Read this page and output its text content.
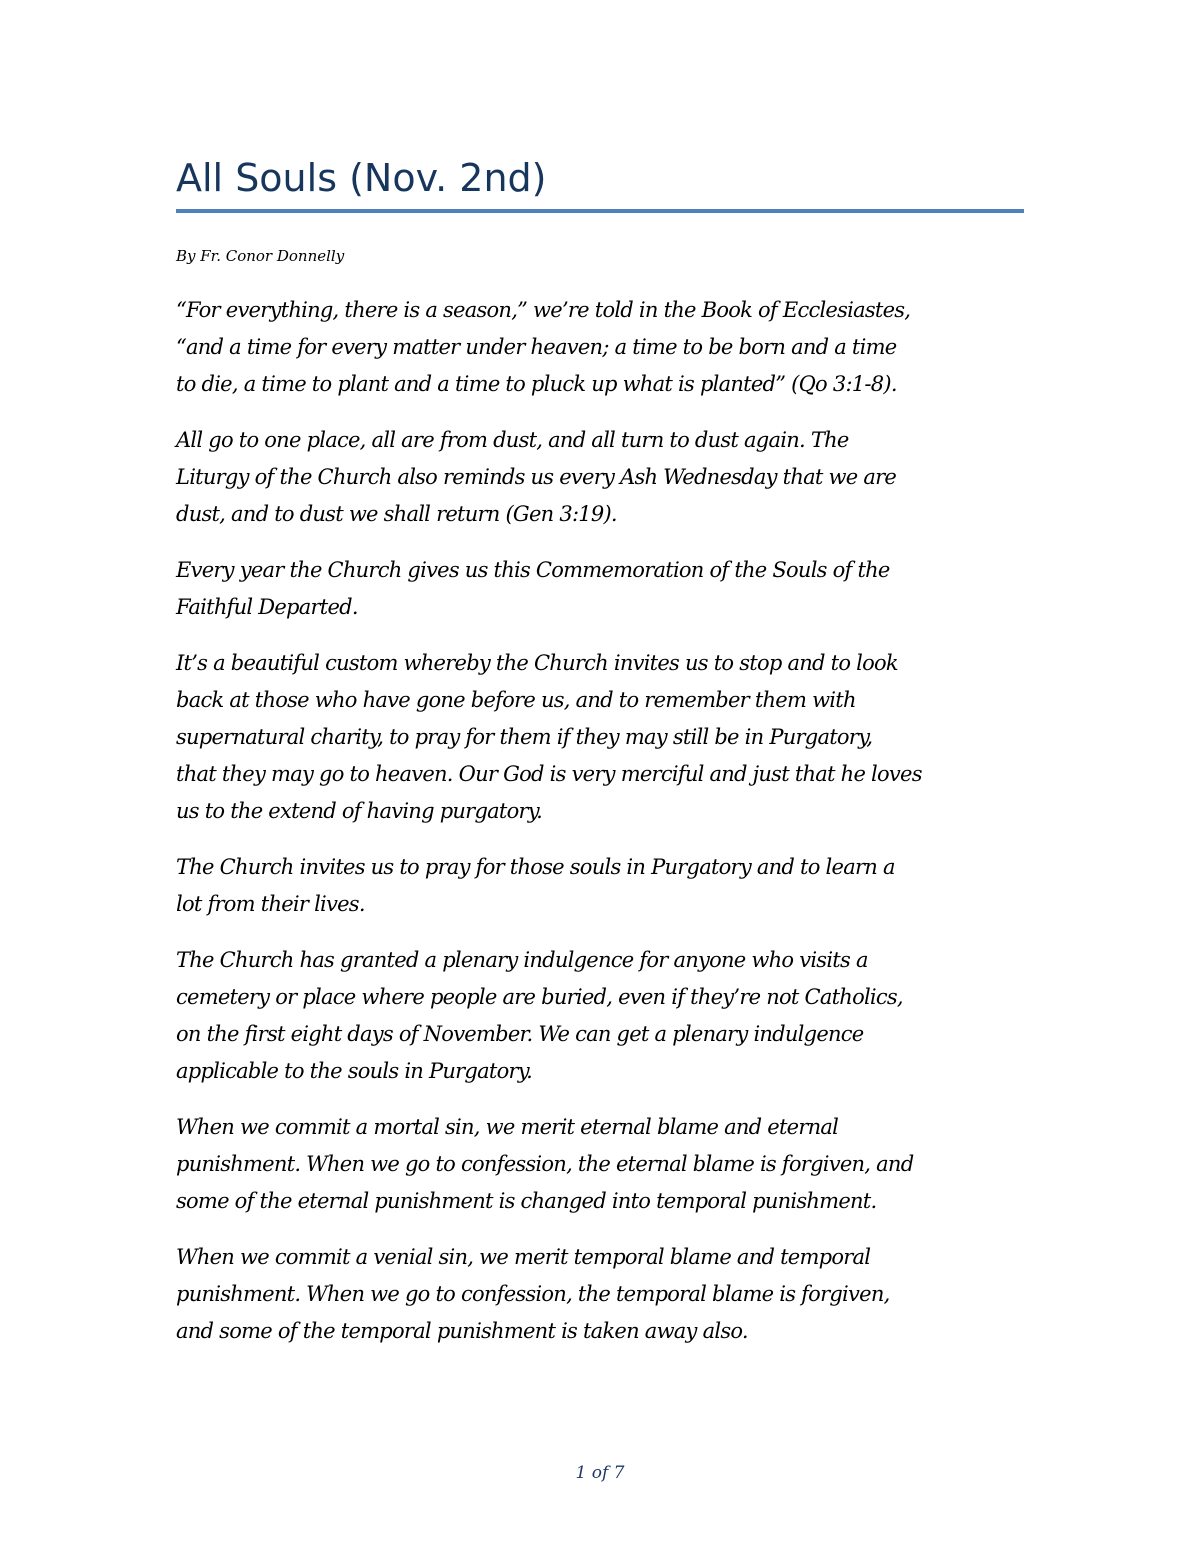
All Souls (Nov. 2nd)

By Fr. Conor Donnelly

“For everything, there is a season,” we’re told in the Book of Ecclesiastes,
“and a time for every matter under heaven; a time to be born and a time
to die, a time to plant and a time to pluck up what is planted” (Qo 3:1-8).

All go to one place, all are from dust, and all turn to dust again. The
Liturgy of the Church also reminds us every Ash Wednesday that we are
dust, and to dust we shall return (Gen 3:19).

Every year the Church gives us this Commemoration of the Souls of the
Faithful Departed.

It’s a beautiful custom whereby the Church invites us to stop and to look
back at those who have gone before us, and to remember them with
supernatural charity, to pray for them if they may still be in Purgatory,
that they may go to heaven. Our God is very merciful and just that he loves
us to the extend of having purgatory.

The Church invites us to pray for those souls in Purgatory and to learn a
lot from their lives.

The Church has granted a plenary indulgence for anyone who visits a
cemetery or place where people are buried, even if they’re not Catholics,
on the first eight days of November. We can get a plenary indulgence
applicable to the souls in Purgatory.

When we commit a mortal sin, we merit eternal blame and eternal
punishment. When we go to confession, the eternal blame is forgiven, and
some of the eternal punishment is changed into temporal punishment.

When we commit a venial sin, we merit temporal blame and temporal
punishment. When we go to confession, the temporal blame is forgiven,
and some of the temporal punishment is taken away also.

1 of 7
